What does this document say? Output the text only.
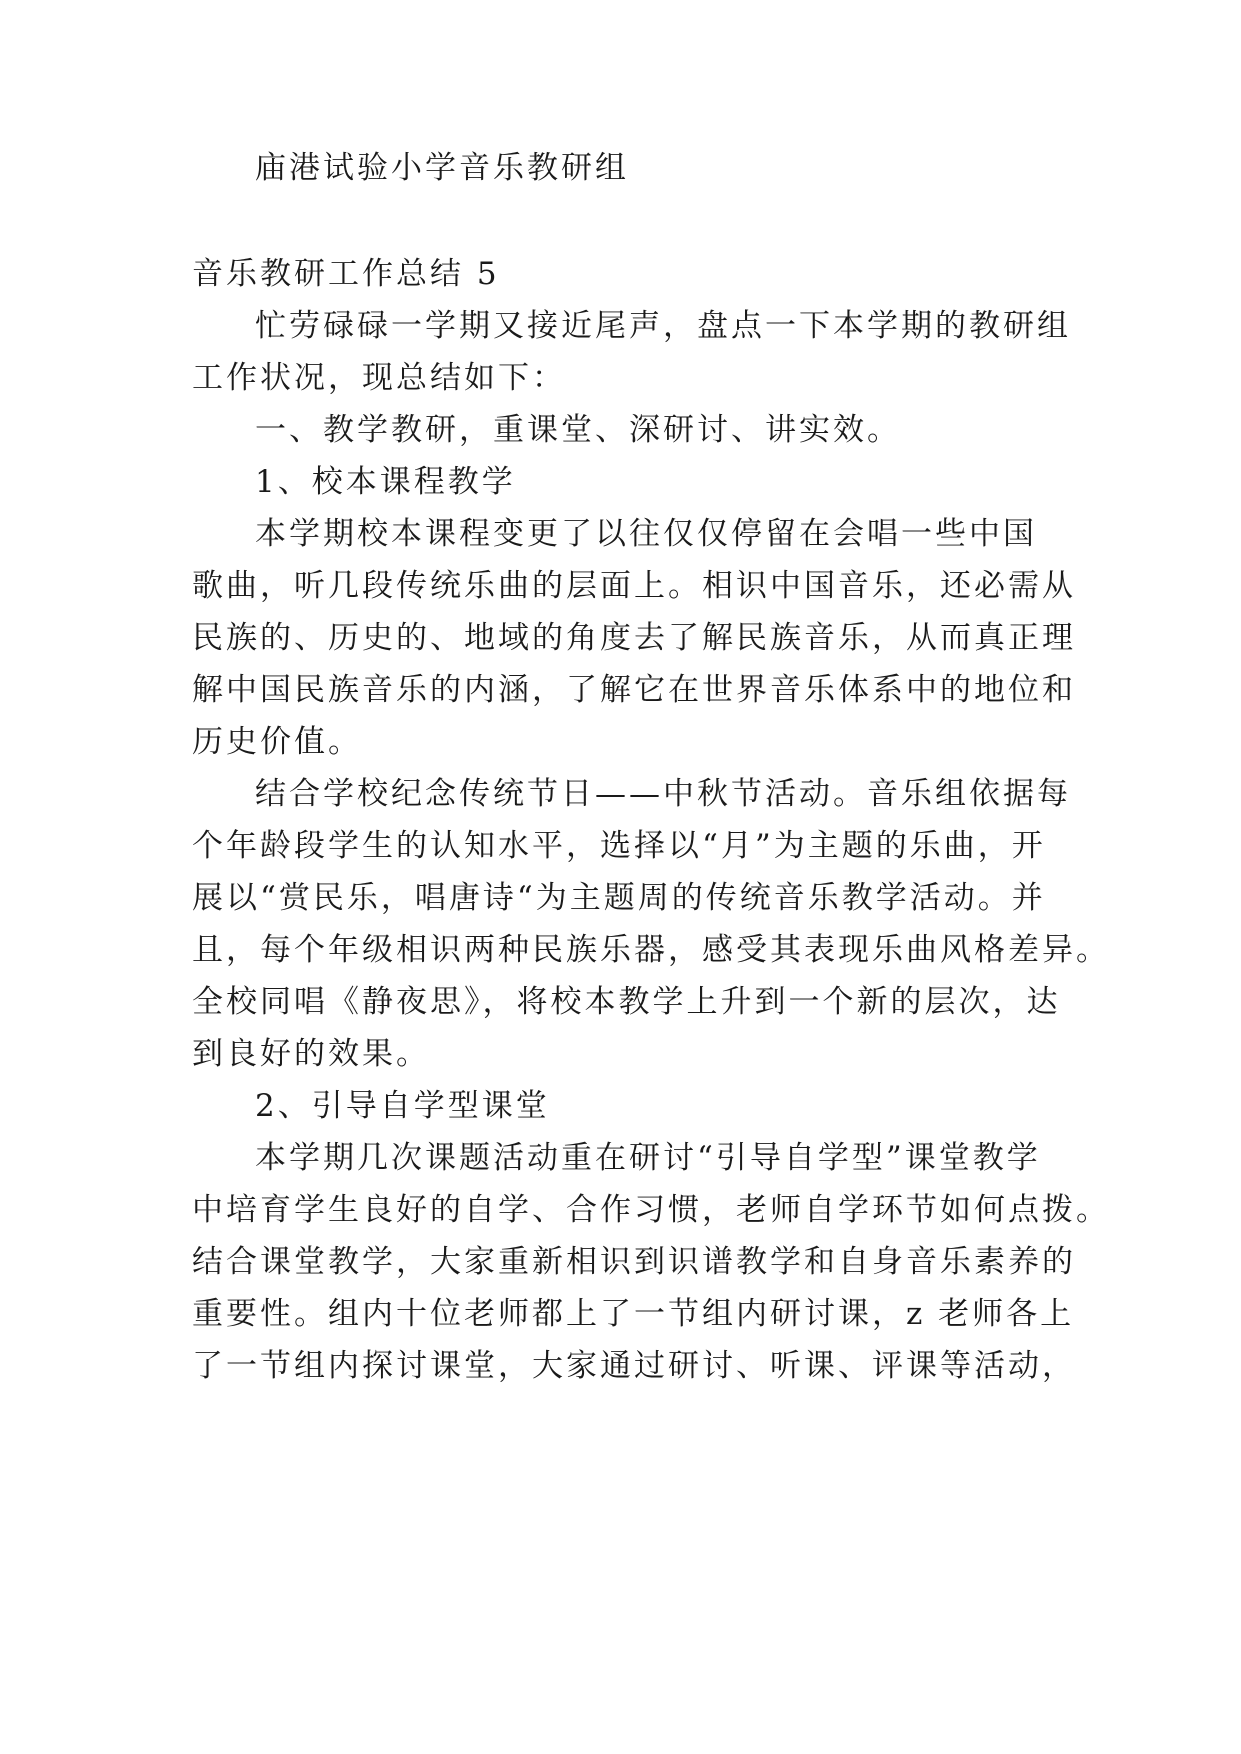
庙港试验小学音乐教研组
音乐教研工作总结 5
忙劳碌碌一学期又接近尾声，盘点一下本学期的教研组
工作状况，现总结如下：
一、教学教研，重课堂、深研讨、讲实效。
1、校本课程教学
本学期校本课程变更了以往仅仅停留在会唱一些中国
歌曲，听几段传统乐曲的层面上。相识中国音乐，还必需从
民族的、历史的、地域的角度去了解民族音乐，从而真正理
解中国民族音乐的内涵，了解它在世界音乐体系中的地位和
历史价值。
结合学校纪念传统节日——中秋节活动。音乐组依据每
个年龄段学生的认知水平，选择以“月”为主题的乐曲，开
展以“赏民乐，唱唐诗“为主题周的传统音乐教学活动。并
且，每个年级相识两种民族乐器，感受其表现乐曲风格差异。
全校同唱《静夜思》，将校本教学上升到一个新的层次，达
到良好的效果。
2、引导自学型课堂
本学期几次课题活动重在研讨“引导自学型”课堂教学
中培育学生良好的自学、合作习惯，老师自学环节如何点拨。
结合课堂教学，大家重新相识到识谱教学和自身音乐素养的
重要性。组内十位老师都上了一节组内研讨课，z 老师各上
了一节组内探讨课堂，大家通过研讨、听课、评课等活动，
